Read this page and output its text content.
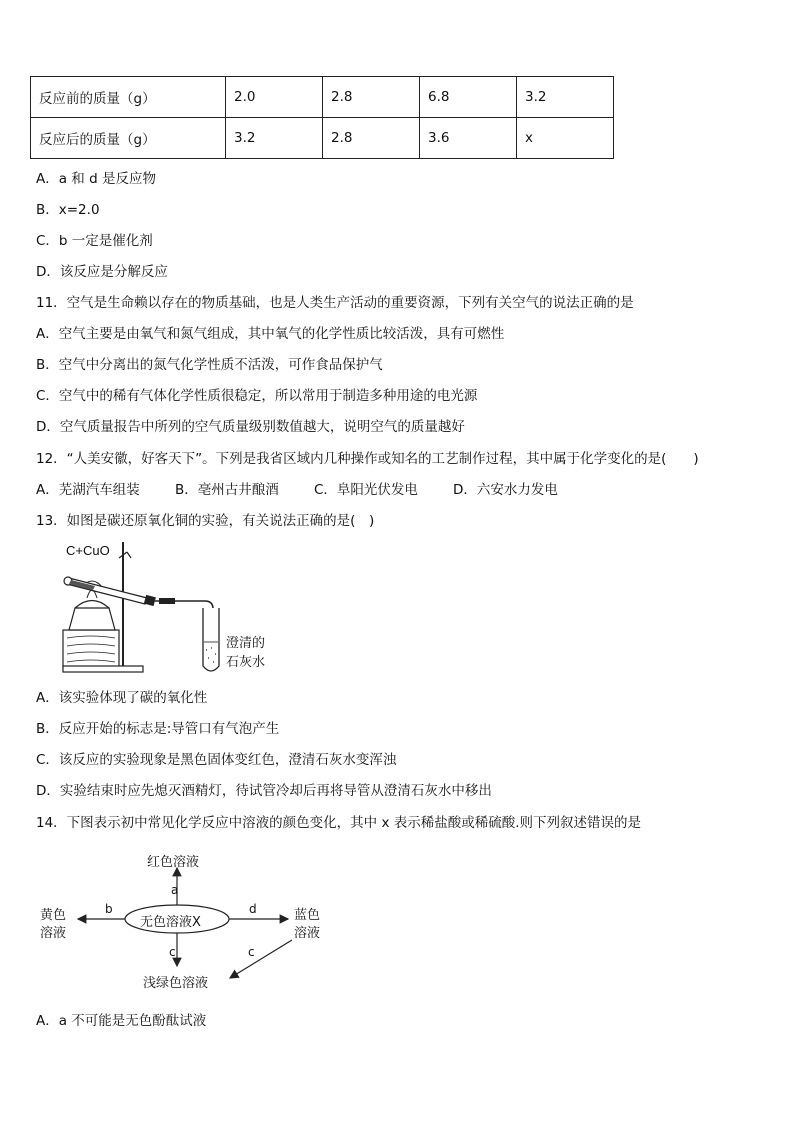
反应前的质量（g）	2.0	2.8	6.8	3.2
反应后的质量（g）	3.2	2.8	3.6	x
A．a 和 d 是反应物
B．x=2.0
C．b 一定是催化剂
D．该反应是分解反应
11．空气是生命赖以存在的物质基础，也是人类生产活动的重要资源，下列有关空气的说法正确的是
A．空气主要是由氧气和氮气组成，其中氧气的化学性质比较活泼，具有可燃性
B．空气中分离出的氮气化学性质不活泼，可作食品保护气
C．空气中的稀有气体化学性质很稳定，所以常用于制造多种用途的电光源
D．空气质量报告中所列的空气质量级别数值越大，说明空气的质量越好
12．“人美安徽，好客天下”。下列是我省区域内几种操作或知名的工艺制作过程，其中属于化学变化的是(　　)
A．芜湖汽车组装	B．亳州古井酿酒	C．阜阳光伏发电	D．六安水力发电
13．如图是碳还原氧化铜的实验，有关说法正确的是(　)
C+CuO
澄清的
石灰水
A．该实验体现了碳的氧化性
B．反应开始的标志是:导管口有气泡产生
C．该反应的实验现象是黑色固体变红色，澄清石灰水变浑浊
D．实验结束时应先熄灭酒精灯，待试管冷却后再将导管从澄清石灰水中移出
14．下图表示初中常见化学反应中溶液的颜色变化，其中 x 表示稀盐酸或稀硫酸.则下列叙述错误的是
红色溶液
a
黄色
溶液
b
无色溶液X
d	蓝色
溶液
c	c
浅绿色溶液
A．a 不可能是无色酚酞试液
